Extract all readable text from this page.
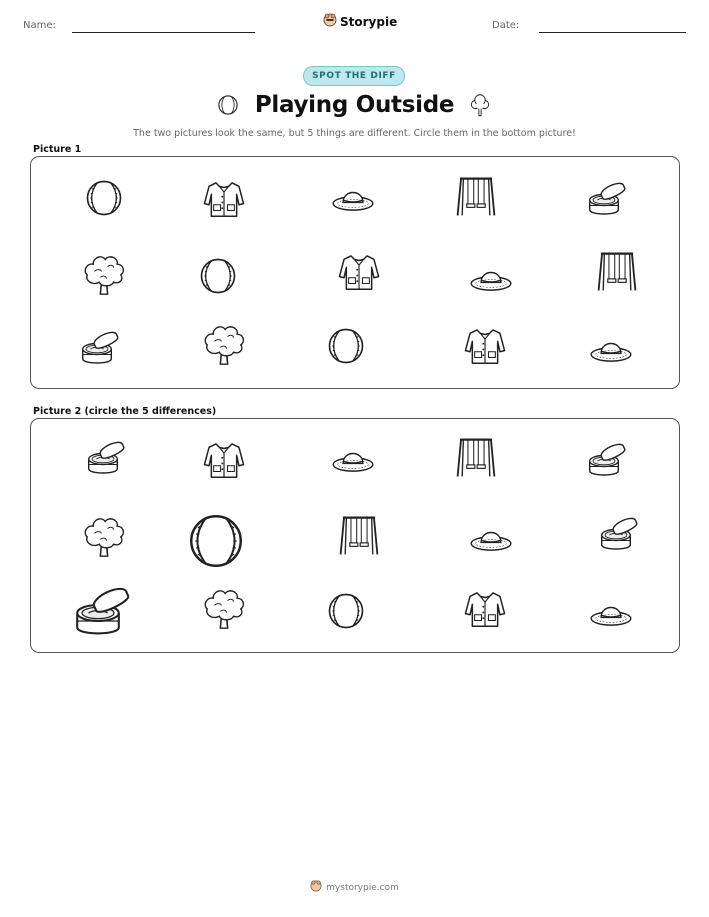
Name:	Storypie	Date:
SPOT THE DIFF
Playing Outside
The two pictures look the same, but 5 things are different. Circle them in the bottom picture!
Picture 1
Picture 2 (circle the 5 differences)
mystorypie.com
